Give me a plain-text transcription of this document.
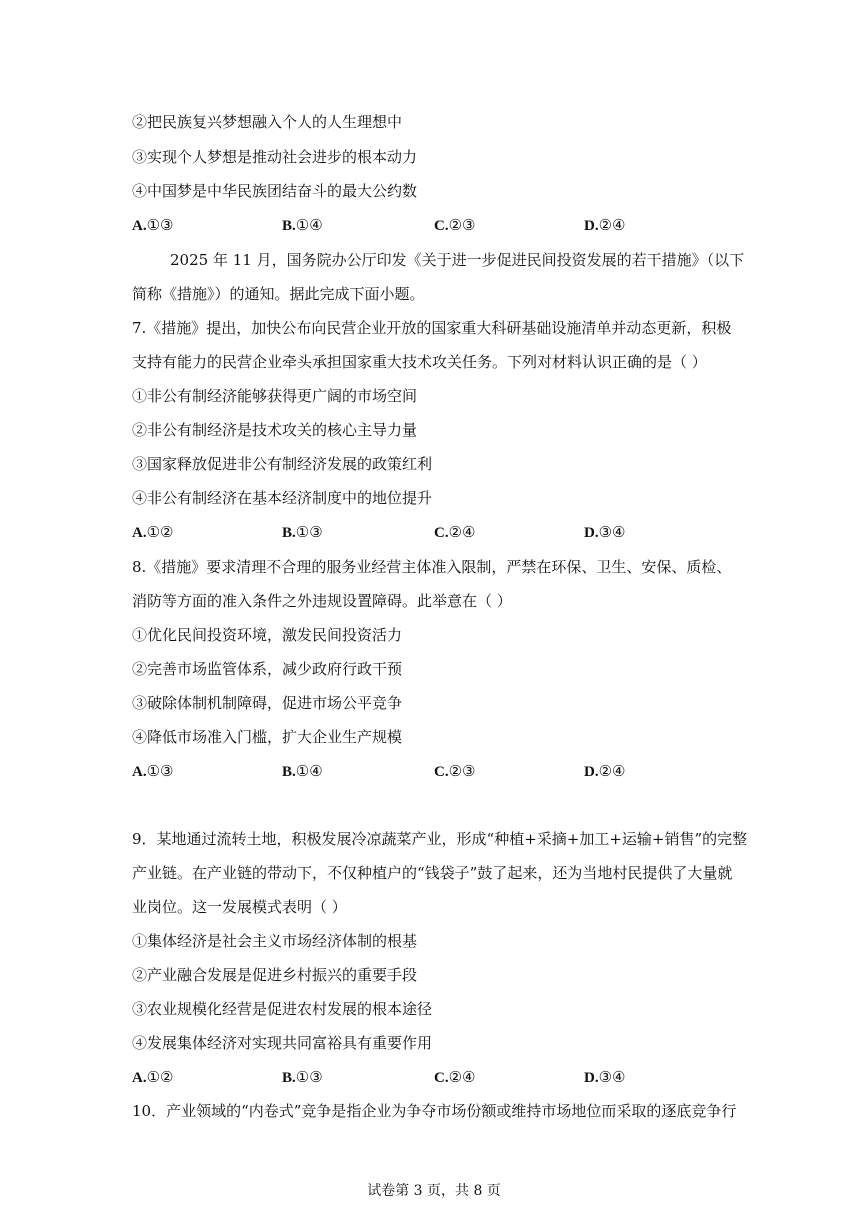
②把民族复兴梦想融入个人的人生理想中
③实现个人梦想是推动社会进步的根本动力
④中国梦是中华民族团结奋斗的最大公约数
A.①③	B.①④	C.②③	D.②④
2025 年 11 月，国务院办公厅印发《关于进一步促进民间投资发展的若干措施》（以下
简称《措施》）的通知。据此完成下面小题。
7.《措施》提出，加快公布向民营企业开放的国家重大科研基础设施清单并动态更新，积极
支持有能力的民营企业牵头承担国家重大技术攻关任务。下列对材料认识正确的是（ ）
①非公有制经济能够获得更广阔的市场空间
②非公有制经济是技术攻关的核心主导力量
③国家释放促进非公有制经济发展的政策红利
④非公有制经济在基本经济制度中的地位提升
A.①②	B.①③	C.②④	D.③④
8.《措施》要求清理不合理的服务业经营主体准入限制，严禁在环保、卫生、安保、质检、
消防等方面的准入条件之外违规设置障碍。此举意在（ ）
①优化民间投资环境，激发民间投资活力
②完善市场监管体系，减少政府行政干预
③破除体制机制障碍，促进市场公平竞争
④降低市场准入门槛，扩大企业生产规模
A.①③	B.①④	C.②③	D.②④
9．某地通过流转土地，积极发展冷凉蔬菜产业，形成“种植+采摘+加工+运输+销售”的完整
产业链。在产业链的带动下，不仅种植户的“钱袋子”鼓了起来，还为当地村民提供了大量就
业岗位。这一发展模式表明（ ）
①集体经济是社会主义市场经济体制的根基
②产业融合发展是促进乡村振兴的重要手段
③农业规模化经营是促进农村发展的根本途径
④发展集体经济对实现共同富裕具有重要作用
A.①②	B.①③	C.②④	D.③④
10．产业领域的“内卷式”竞争是指企业为争夺市场份额或维持市场地位而采取的逐底竞争行
试卷第 3 页，共 8 页
